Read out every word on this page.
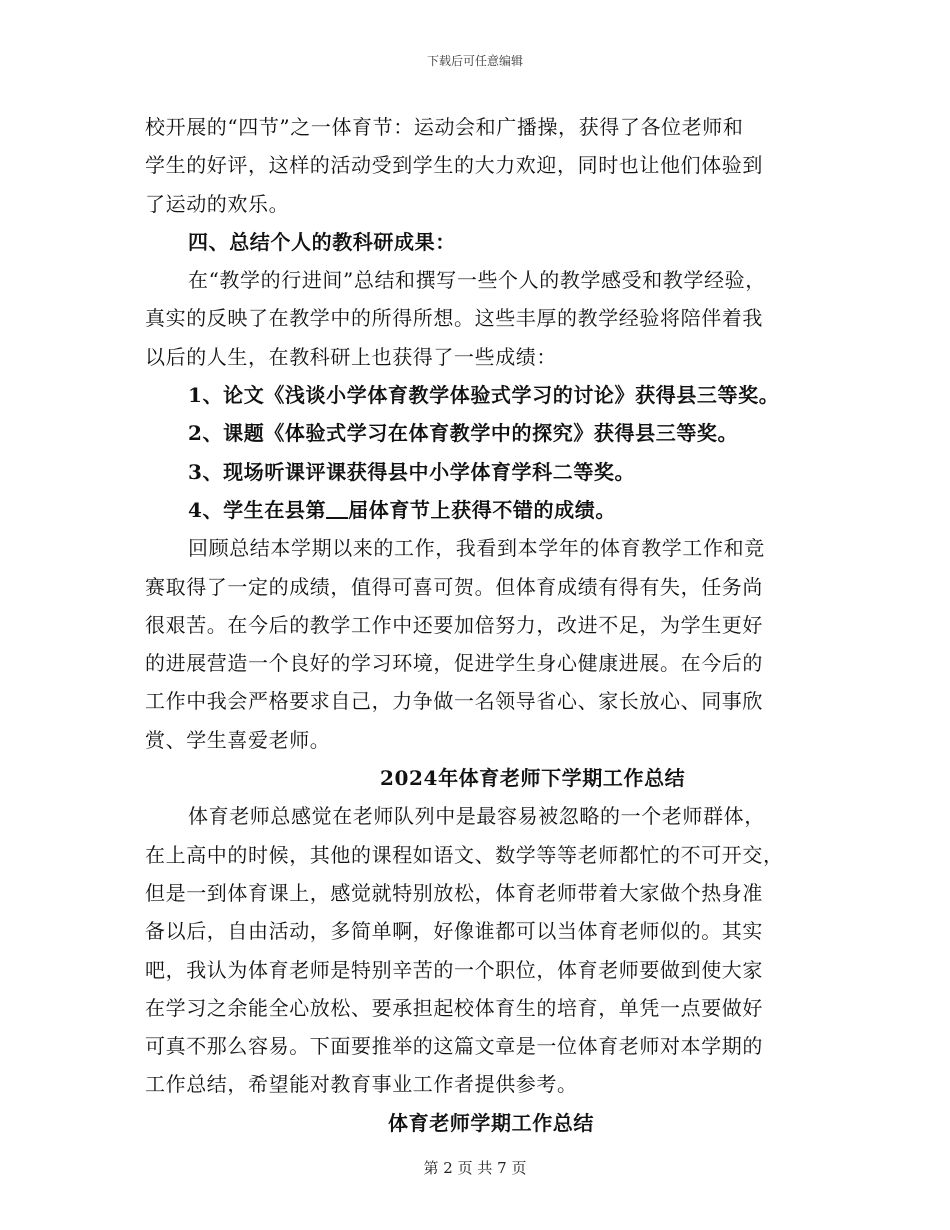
下载后可任意编辑
校开展的“四节”之一体育节：运动会和广播操，获得了各位老师和
学生的好评，这样的活动受到学生的大力欢迎，同时也让他们体验到
了运动的欢乐。
四、总结个人的教科研成果：
在“教学的行进间”总结和撰写一些个人的教学感受和教学经验，
真实的反映了在教学中的所得所想。这些丰厚的教学经验将陪伴着我
以后的人生，在教科研上也获得了一些成绩：
1、论文《浅谈小学体育教学体验式学习的讨论》获得县三等奖。
2、课题《体验式学习在体育教学中的探究》获得县三等奖。
3、现场听课评课获得县中小学体育学科二等奖。
4、学生在县第 届体育节上获得不错的成绩。
回顾总结本学期以来的工作，我看到本学年的体育教学工作和竞
赛取得了一定的成绩，值得可喜可贺。但体育成绩有得有失，任务尚
很艰苦。在今后的教学工作中还要加倍努力，改进不足，为学生更好
的进展营造一个良好的学习环境，促进学生身心健康进展。在今后的
工作中我会严格要求自己，力争做一名领导省心、家长放心、同事欣
赏、学生喜爱老师。
2024年体育老师下学期工作总结
体育老师总感觉在老师队列中是最容易被忽略的一个老师群体，
在上高中的时候，其他的课程如语文、数学等等老师都忙的不可开交，
但是一到体育课上，感觉就特别放松，体育老师带着大家做个热身准
备以后，自由活动，多简单啊，好像谁都可以当体育老师似的。其实
吧，我认为体育老师是特别辛苦的一个职位，体育老师要做到使大家
在学习之余能全心放松、要承担起校体育生的培育，单凭一点要做好
可真不那么容易。下面要推举的这篇文章是一位体育老师对本学期的
工作总结，希望能对教育事业工作者提供参考。
体育老师学期工作总结
第 2 页 共 7 页
